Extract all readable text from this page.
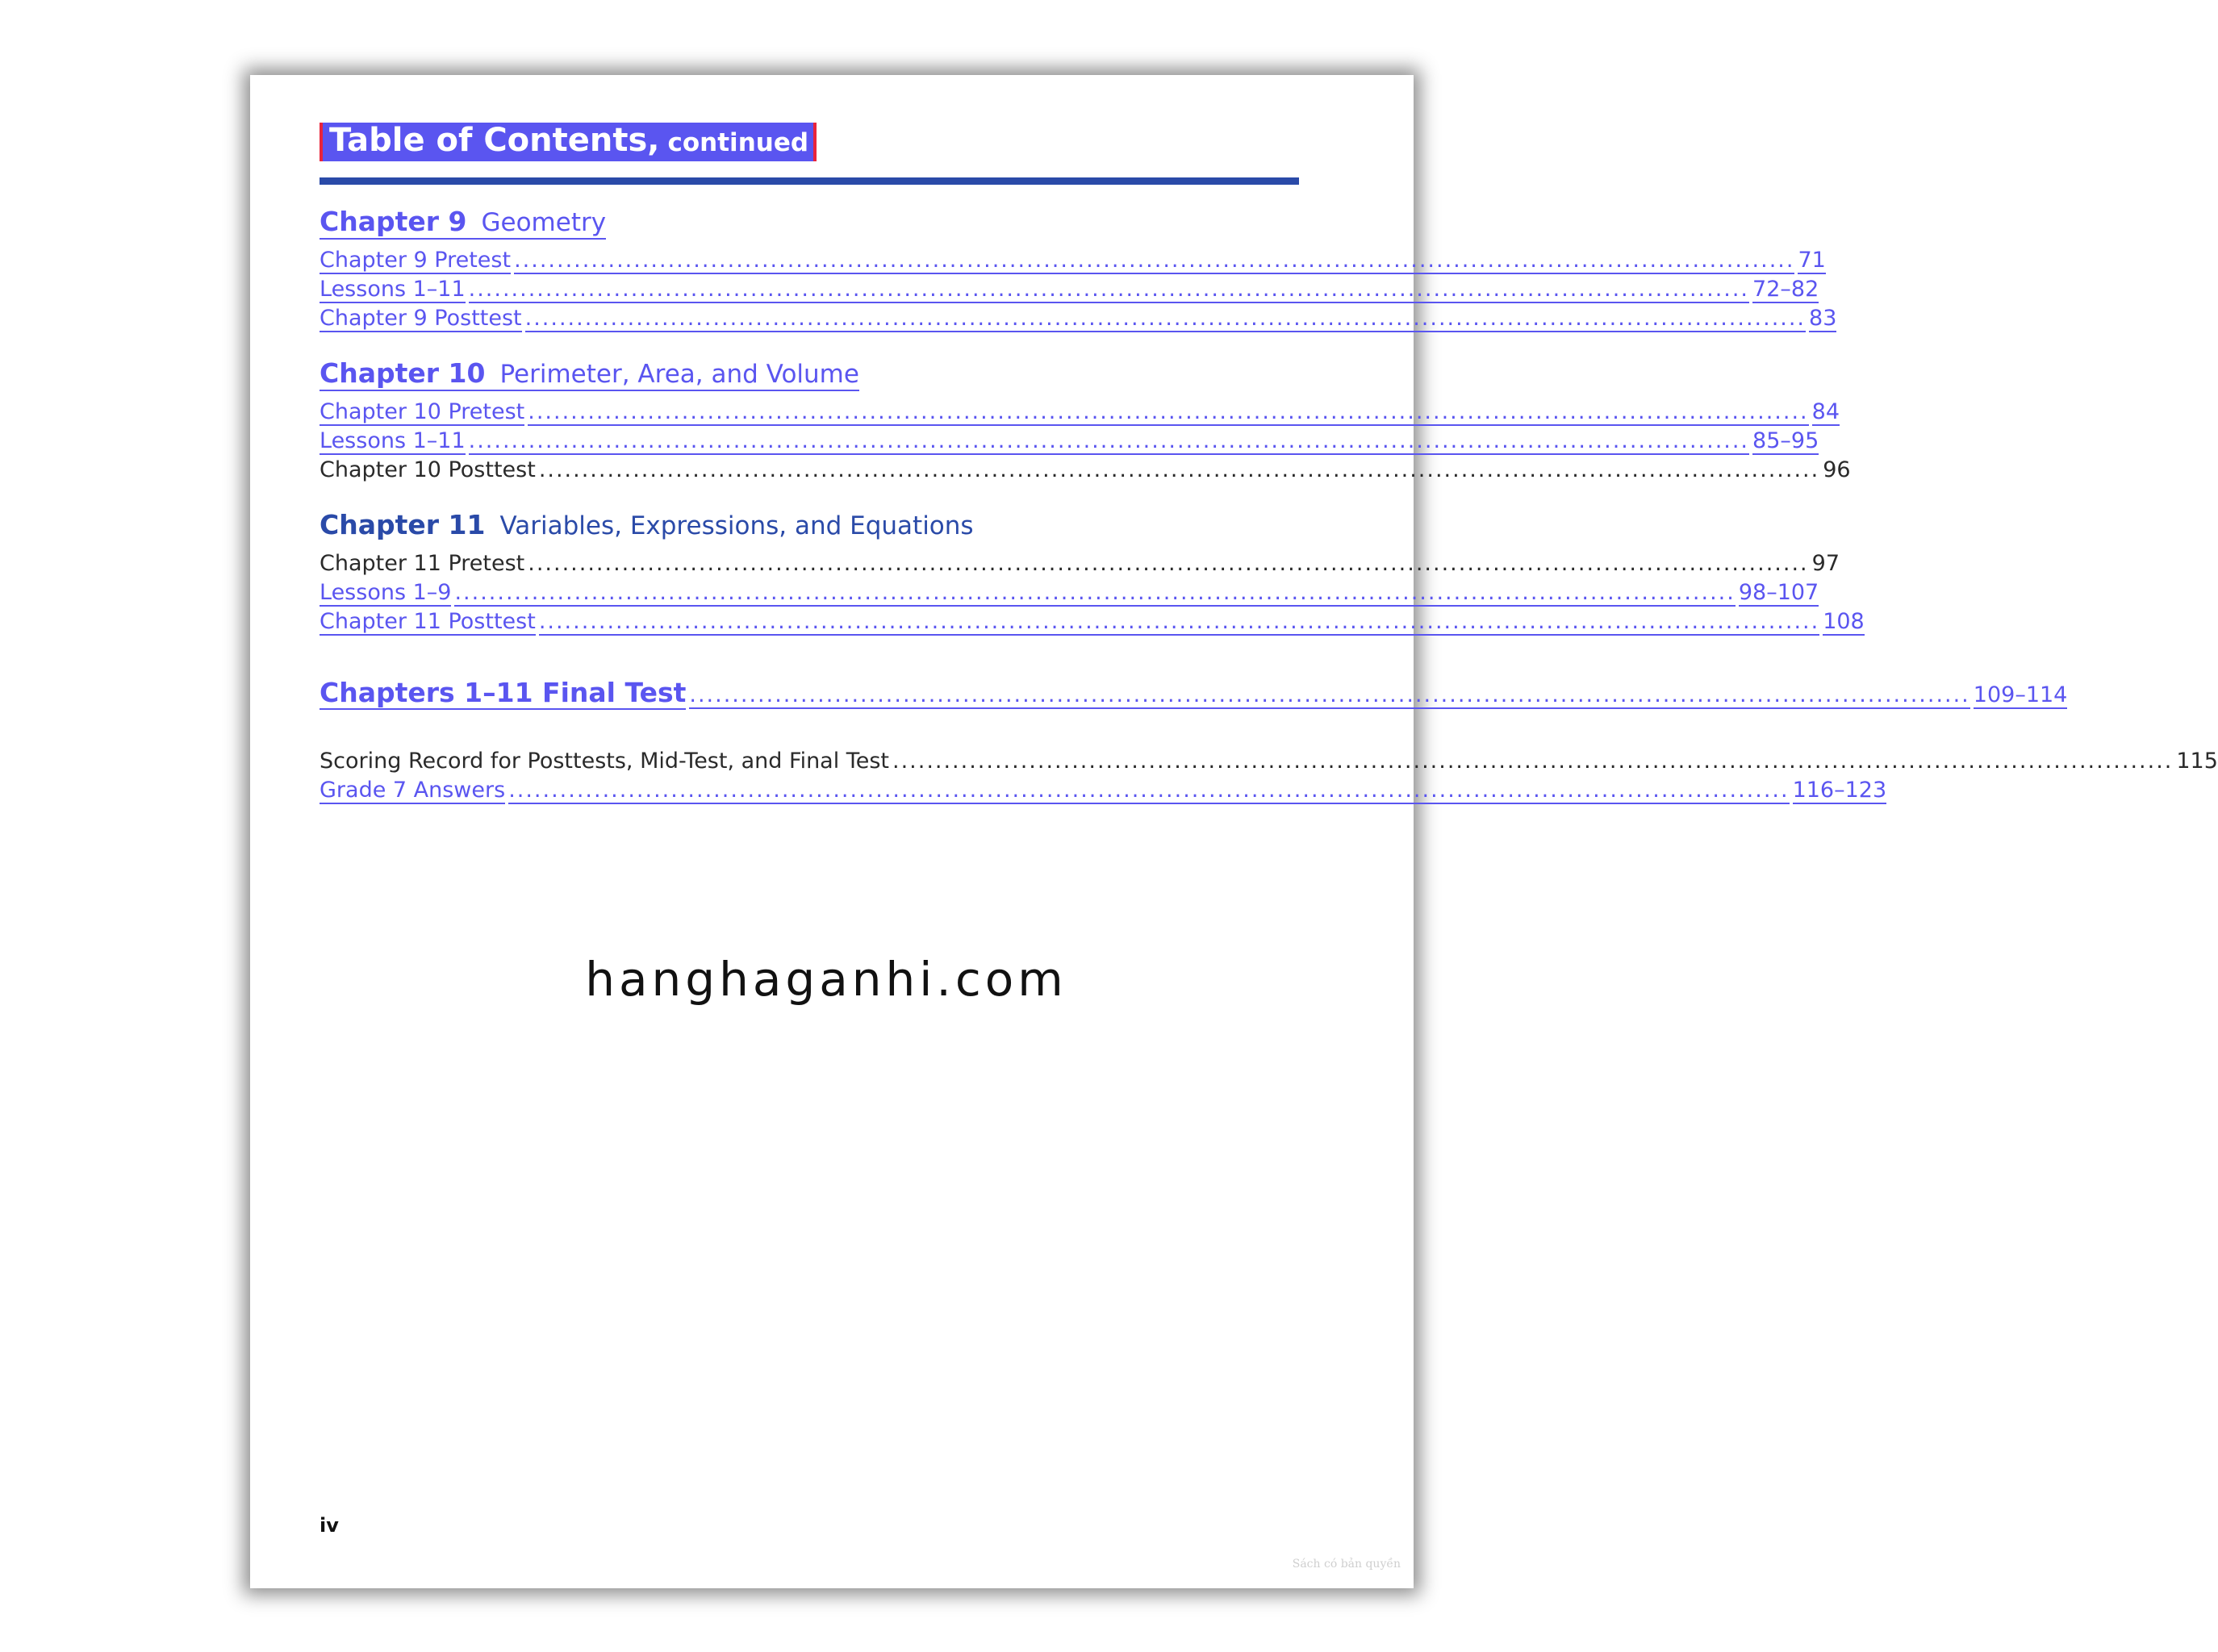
Table of Contents, continued
Chapter 9 Geometry
Chapter 9 Pretest ...................................................................................................................................................... 71
Lessons 1–11 ...................................................................................................................................................... 72–82
Chapter 9 Posttest ...................................................................................................................................................... 83
Chapter 10 Perimeter, Area, and Volume
Chapter 10 Pretest ...................................................................................................................................................... 84
Lessons 1–11 ...................................................................................................................................................... 85–95
Chapter 10 Posttest ...................................................................................................................................................... 96
Chapter 11 Variables, Expressions, and Equations
Chapter 11 Pretest ...................................................................................................................................................... 97
Lessons 1–9 ...................................................................................................................................................... 98–107
Chapter 11 Posttest ...................................................................................................................................................... 108
Chapters 1–11 Final Test ...................................................................................................................................................... 109–114
Scoring Record for Posttests, Mid-Test, and Final Test ...................................................................................................................................................... 115
Grade 7 Answers ...................................................................................................................................................... 116–123
iv
Sách có bản quyền
hanghaganhi.com
